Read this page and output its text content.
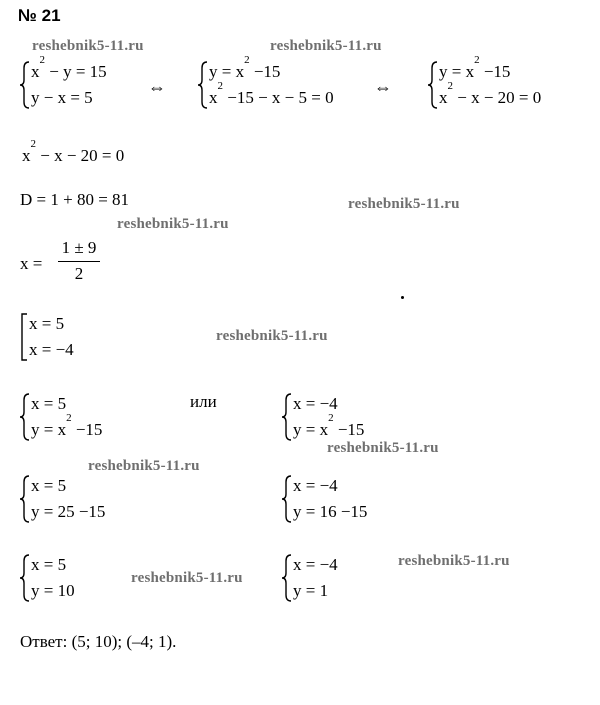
№ 21
reshebnik5-11.ru	reshebnik5-11.ru
reshebnik5-11.ru
reshebnik5-11.ru
reshebnik5-11.ru
reshebnik5-11.ru
reshebnik5-11.ru
reshebnik5-11.ru
reshebnik5-11.ru
$x^2 - y = 15$
y − x = 5
⇔
$y = x^2 -15$
$x^2 -15 - x - 5 = 0$
⇔
$y = x^2 -15$
$x^2 - x - 20 = 0$
$x^2 - x - 20 = 0$
D = 1 + 80 = 81
x =
1 ± 9
2
x = 5
x = −4
x = 5
$y = x^2 -15$
или	x = −4
$y = x^2 -15$
x = 5
y = 25 −15
x = −4
y = 16 −15
x = 5
y = 10
x = −4
y = 1
Ответ: (5; 10); (–4; 1).
